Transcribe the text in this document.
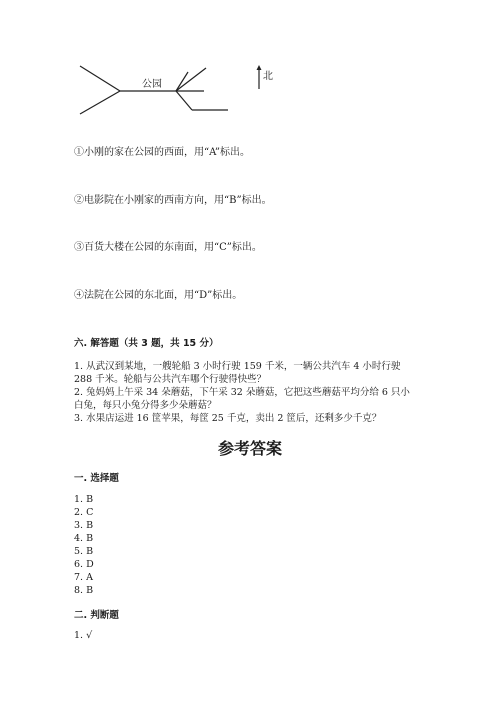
公园
北
①小刚的家在公园的西面，用“A”标出。
②电影院在小刚家的西南方向，用“B”标出。
③百货大楼在公园的东南面，用“C”标出。
④法院在公园的东北面，用“D”标出。
六. 解答题（共 3 题，共 15 分）
1. 从武汉到某地，一艘轮船 3 小时行驶 159 千米，一辆公共汽车 4 小时行驶
288 千米。轮船与公共汽车哪个行驶得快些？
2. 兔妈妈上午采 34 朵蘑菇，下午采 32 朵蘑菇，它把这些蘑菇平均分给 6 只小
白兔，每只小兔分得多少朵蘑菇？
3. 水果店运进 16 筐苹果，每筐 25 千克，卖出 2 筐后，还剩多少千克？
参考答案
一. 选择题
1. B
2. C
3. B
4. B
5. B
6. D
7. A
8. B
二. 判断题
1. √
